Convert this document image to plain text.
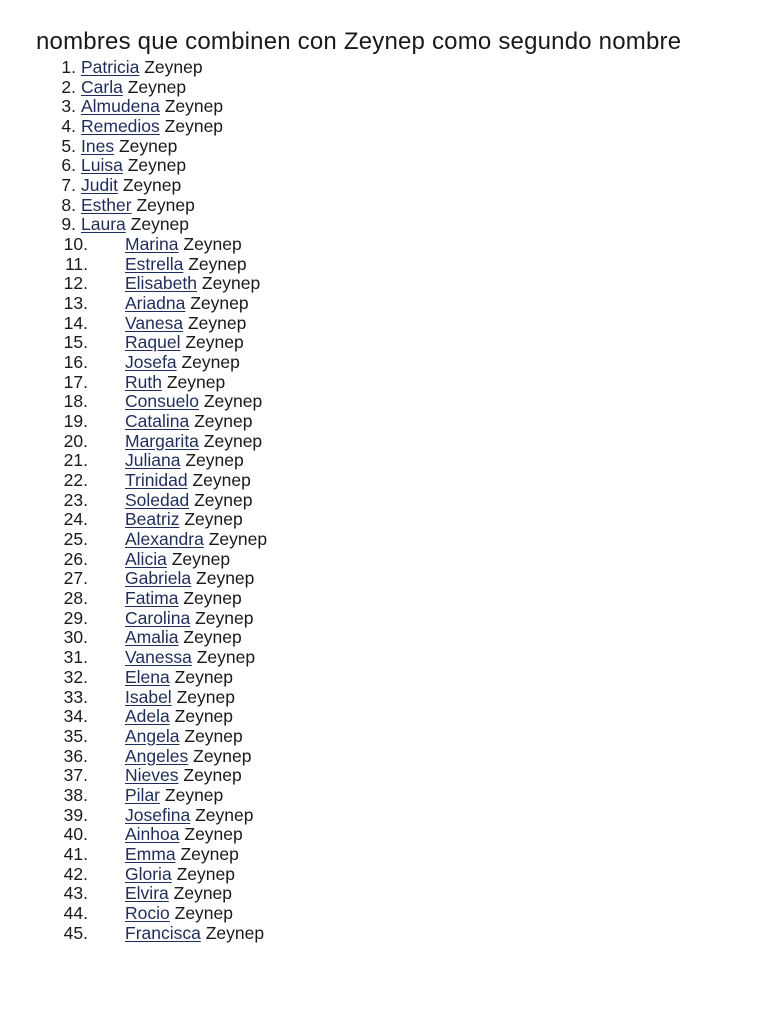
nombres que combinen con Zeynep como segundo nombre
1. Patricia Zeynep
2. Carla Zeynep
3. Almudena Zeynep
4. Remedios Zeynep
5. Ines Zeynep
6. Luisa Zeynep
7. Judit Zeynep
8. Esther Zeynep
9. Laura Zeynep
10. Marina Zeynep
11. Estrella Zeynep
12. Elisabeth Zeynep
13. Ariadna Zeynep
14. Vanesa Zeynep
15. Raquel Zeynep
16. Josefa Zeynep
17. Ruth Zeynep
18. Consuelo Zeynep
19. Catalina Zeynep
20. Margarita Zeynep
21. Juliana Zeynep
22. Trinidad Zeynep
23. Soledad Zeynep
24. Beatriz Zeynep
25. Alexandra Zeynep
26. Alicia Zeynep
27. Gabriela Zeynep
28. Fatima Zeynep
29. Carolina Zeynep
30. Amalia Zeynep
31. Vanessa Zeynep
32. Elena Zeynep
33. Isabel Zeynep
34. Adela Zeynep
35. Angela Zeynep
36. Angeles Zeynep
37. Nieves Zeynep
38. Pilar Zeynep
39. Josefina Zeynep
40. Ainhoa Zeynep
41. Emma Zeynep
42. Gloria Zeynep
43. Elvira Zeynep
44. Rocio Zeynep
45. Francisca Zeynep
